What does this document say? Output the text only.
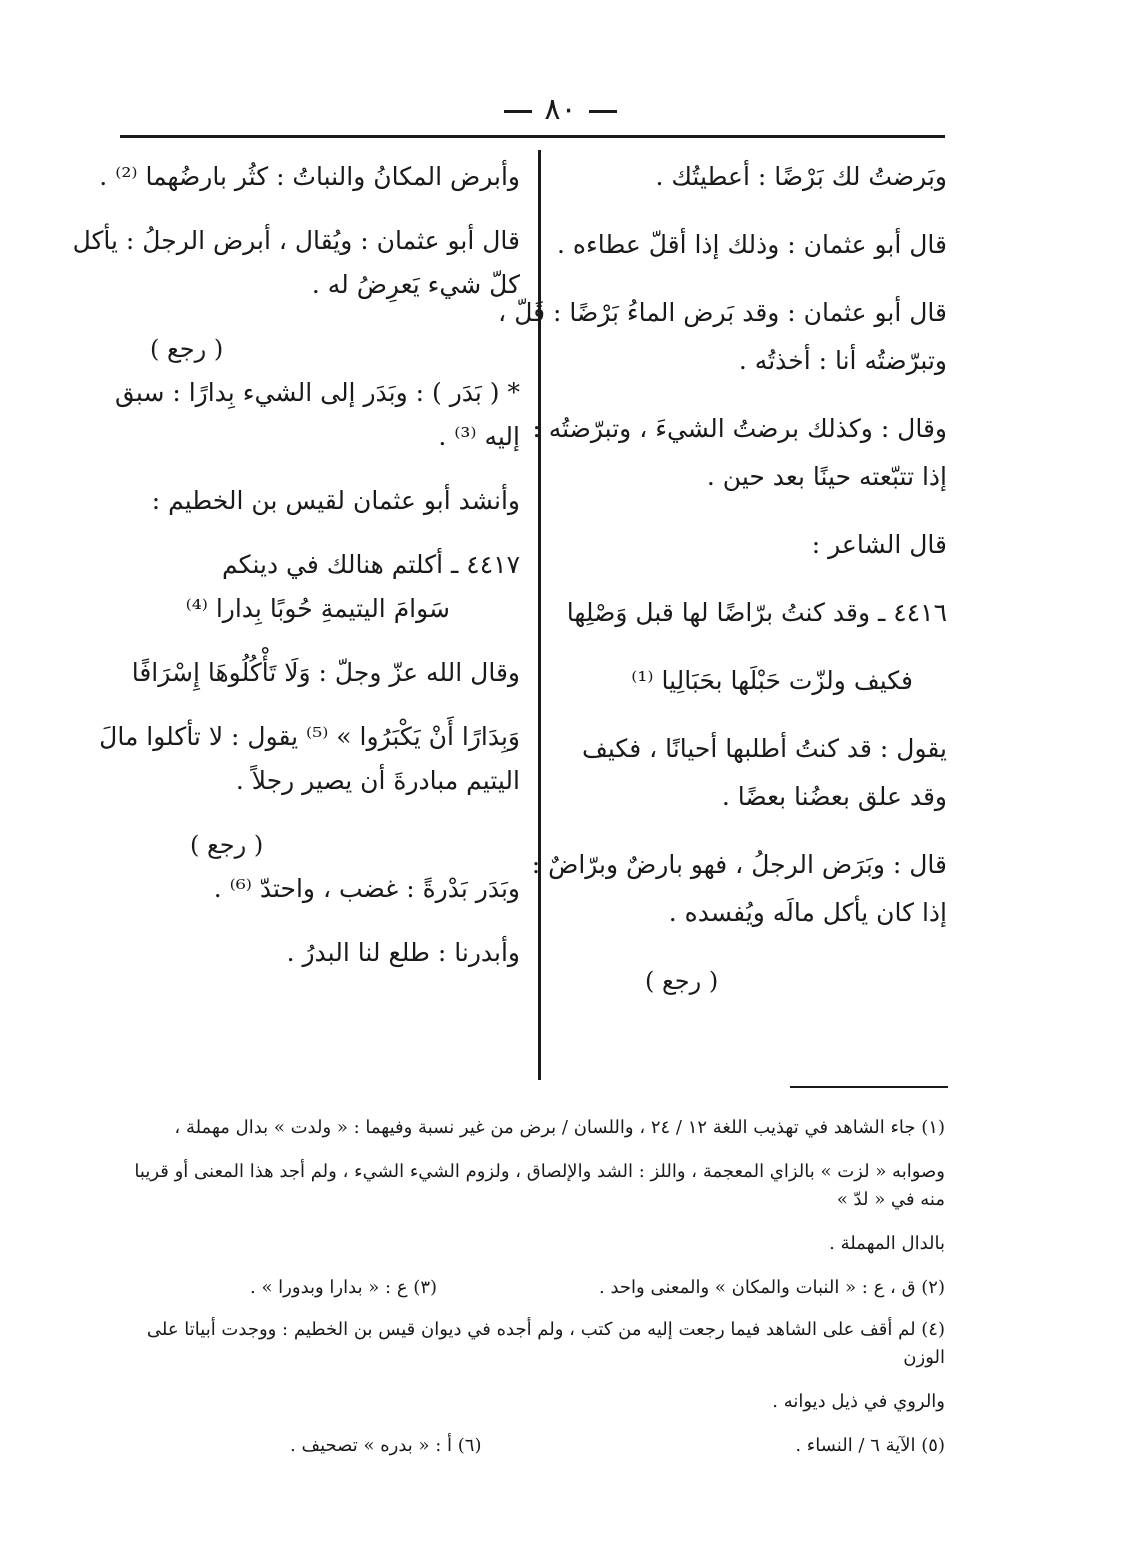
٨٠

وبَرضتُ لك بَرْضًا : أعطيتُك .

قال أبو عثمان : وذلك إذا أقلّ عطاءه .

قال أبو عثمان : وقد بَرض الماءُ بَرْضًا : قَلّ ،

وتبرّضتُه أنا : أخذتُه .

وقال : وكذلك برضتُ الشيءَ ، وتبرّضتُه :

إذا تتبّعته حينًا بعد حين .

قال الشاعر :

٤٤١٦ ـ وقد كنتُ برّاضًا لها قبل وَصْلِها

فكيف ولزّت حَبْلَها بحَبَالِيا ⁽¹⁾

يقول : قد كنتُ أطلبها أحيانًا ، فكيف

وقد علق بعضُنا بعضًا .

قال : وبَرَض الرجلُ ، فهو بارضٌ وبرّاضٌ :

إذا كان يأكل مالَه ويُفسده .

( رجع )

وأبرض المكانُ والنباتُ : كثُر بارضُهما ⁽²⁾ .

قال أبو عثمان : ويُقال ، أبرض الرجلُ : يأكل

كلّ شيء يَعرِضُ له .

( رجع )

* ( بَدَر ) : وبَدَر إلى الشيء بِدارًا : سبق

إليه ⁽³⁾ .

وأنشد أبو عثمان لقيس بن الخطيم :

٤٤١٧ ـ أكلتم هنالك في دينكم

سَوامَ اليتيمةِ حُوبًا بِدارا ⁽⁴⁾

وقال الله عزّ وجلّ : وَلَا تَأْكُلُوهَا إِسْرَافًا

وَبِدَارًا أَنْ يَكْبَرُوا » ⁽⁵⁾ يقول : لا تأكلوا مالَ

اليتيم مبادرةَ أن يصير رجلاً .

( رجع )

وبَدَر بَدْرةً : غضب ، واحتدّ ⁽⁶⁾ .

وأبدرنا : طلع لنا البدرُ .

(١) جاء الشاهد في تهذيب اللغة ١٢ / ٢٤ ، واللسان / برض من غير نسبة وفيهما : « ولدت » بدال مهملة ،

وصوابه « لزت » بالزاي المعجمة ، واللز : الشد والإلصاق ، ولزوم الشيء الشيء ، ولم أجد هذا المعنى أو قريبا منه في « لدّ »

بالدال المهملة .

(٢) ق ، ع : « النبات والمكان » والمعنى واحد .
(٣) ع : « بدارا وبدورا » .

(٤) لم أقف على الشاهد فيما رجعت إليه من كتب ، ولم أجده في ديوان قيس بن الخطيم : ووجدت أبياتا على الوزن

والروي في ذيل ديوانه .

(٥) الآية ٦ / النساء .
(٦) أ : « بدره » تصحيف .
